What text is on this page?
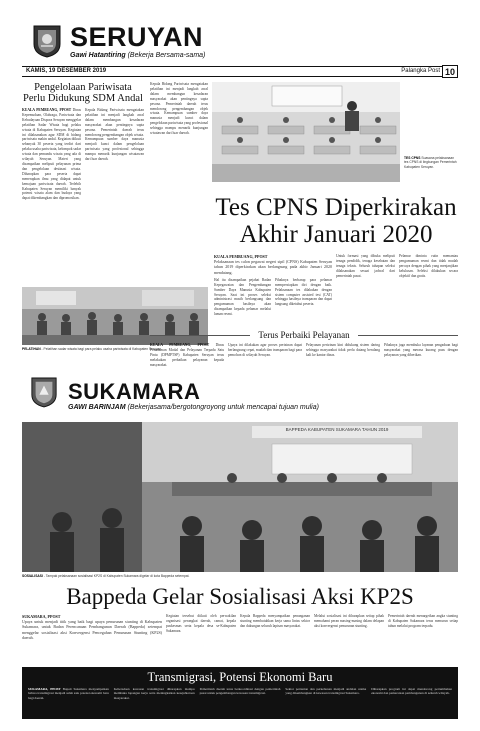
SERUYAN
Gawi Hatantiring (Bekerja Bersama-sama)
KAMIS, 19 DESEMBER 2019	Palangka Post 10
Pengelolaan Pariwisata Perlu Didukung SDM Andal
KUALA PEMBUANG, PPOST Dinas Kepemudaan, Olahraga, Pariwisata dan Kebudayaan Dispora Seruyan menggelar pelatihan Sadar Wisata bagi pelaku wisata di Kabupaten Seruyan. Kegiatan ini dilaksanakan agar SDM di bidang pariwisata makin andal. Kegiatan diikuti sebanyak 30 peserta yang terdiri dari pelaku usaha pariwisata, kelompok sadar wisata dan pemandu wisata yang ada di wilayah Seruyan. Materi yang disampaikan meliputi pelayanan prima dan pengelolaan destinasi wisata. Diharapkan para peserta dapat menerapkan ilmu yang didapat untuk kemajuan pariwisata daerah. Terlebih Kabupaten Seruyan memiliki banyak potensi wisata alam dan budaya yang dapat dikembangkan dan dipromosikan.
Kepala Bidang Pariwisata mengatakan pelatihan ini menjadi langkah awal dalam membangun kesadaran masyarakat akan pentingnya sapta pesona. Pemerintah daerah terus mendorong pengembangan objek wisata. Kemampuan sumber daya manusia menjadi kunci dalam pengelolaan pariwisata yang profesional sehingga mampu menarik kunjungan wisatawan dari luar daerah.
PELATIHAN - Pelatihan sadar wisata bagi para pelaku usaha pariwisata di Kabupaten Seruyan.
TES CPNS Suasana pelaksanaan tes CPNS di lingkungan Pemerintah Kabupaten Seruyan.
Tes CPNS Diperkirakan Akhir Januari 2020
KUALA PEMBUANG, PPOST
Pelaksanaan tes calon pegawai negeri sipil (CPNS) Kabupaten Seruyan tahun 2019 diperkirakan akan berlangsung pada akhir Januari 2020 mendatang.
Hal itu disampaikan pejabat Badan Kepegawaian dan Pengembangan Sumber Daya Manusia Kabupaten Seruyan. Saat ini proses seleksi administrasi masih berlangsung dan pengumuman hasilnya akan disampaikan kepada pelamar melalui laman resmi.
Pihaknya berharap para pelamar mempersiapkan diri dengan baik. Pelaksanaan tes dilakukan dengan sistem computer assisted test (CAT) sehingga hasilnya transparan dan dapat langsung diketahui peserta.
Untuk formasi yang dibuka meliputi tenaga pendidik, tenaga kesehatan dan tenaga teknis. Seluruh tahapan seleksi dilaksanakan sesuai jadwal dari pemerintah pusat.
Pelamar diminta rutin memantau pengumuman resmi dan tidak mudah percaya dengan pihak yang menjanjikan kelulusan. Seleksi dilakukan secara objektif dan gratis.
Kepala Bidang Pariwisata mengatakan pelatihan ini menjadi langkah awal dalam membangun kesadaran masyarakat akan pentingnya sapta pesona. Pemerintah daerah terus mendorong pengembangan objek wisata. Kemampuan sumber daya manusia menjadi kunci dalam pengelolaan pariwisata yang profesional sehingga mampu menarik kunjungan wisatawan dari luar daerah.
Terus Perbaiki Pelayanan
KUALA PEMBUANG, PPOST Dinas Penanaman Modal dan Pelayanan Terpadu Satu Pintu (DPMPTSP) Kabupaten Seruyan terus melakukan perbaikan pelayanan kepada masyarakat.
Upaya ini dilakukan agar proses perizinan dapat berlangsung cepat, mudah dan transparan bagi para pemohon di wilayah Seruyan.
Pelayanan perizinan kini didukung sistem daring sehingga masyarakat tidak perlu datang berulang kali ke kantor dinas.
Pihaknya juga membuka layanan pengaduan bagi masyarakat yang merasa kurang puas dengan pelayanan yang diberikan.
SUKAMARA
GAWI BARINJAM (Bekerjasama/bergotongroyong untuk mencapai tujuan mulia)
BAPPEDA KABUPATEN SUKAMARA TAHUN 2019
SOSIALISASI - Tampak pelaksanaan sosialisasi KP2S di Kabupaten Sukamara digelar di kota Bappeda setempat.
Bappeda Gelar Sosialisasi Aksi KP2S
SUKAMARA, PPOST
Upaya untuk menjadi titik yang baik bagi upaya penurunan stunting di Kabupaten Sukamara, untuk Badan Perencanaan Pembangunan Daerah (Bappeda) setempat menggelar sosialisasi aksi Konvergensi Pencegahan Penurunan Stunting (KP2S) daerah.
Kegiatan tersebut diikuti oleh perwakilan organisasi perangkat daerah, camat, kepala puskesmas serta kepala desa se-Kabupaten Sukamara.
Kepala Bappeda menyampaikan penanganan stunting membutuhkan kerja sama lintas sektor dan dukungan seluruh lapisan masyarakat.
Melalui sosialisasi ini diharapkan setiap pihak memahami peran masing-masing dalam delapan aksi konvergensi penurunan stunting.
Pemerintah daerah menargetkan angka stunting di Kabupaten Sukamara terus menurun setiap tahun melalui program terpadu.
Transmigrasi, Potensi Ekonomi Baru
SUKAMARA, PPOST Bupati Sukamara menyampaikan bahwa transmigrasi menjadi salah satu potensi ekonomi baru bagi daerah.
Keberadaan kawasan transmigrasi diharapkan mampu membuka lapangan kerja serta meningkatkan kesejahteraan masyarakat.
Pemerintah daerah terus berkoordinasi dengan pemerintah pusat untuk pengembangan kawasan transmigrasi.
Sektor pertanian dan perkebunan menjadi andalan utama yang dikembangkan di kawasan transmigrasi Sukamara.
Diharapkan program ini dapat mendorong pertumbuhan ekonomi dan pemerataan pembangunan di seluruh wilayah.
